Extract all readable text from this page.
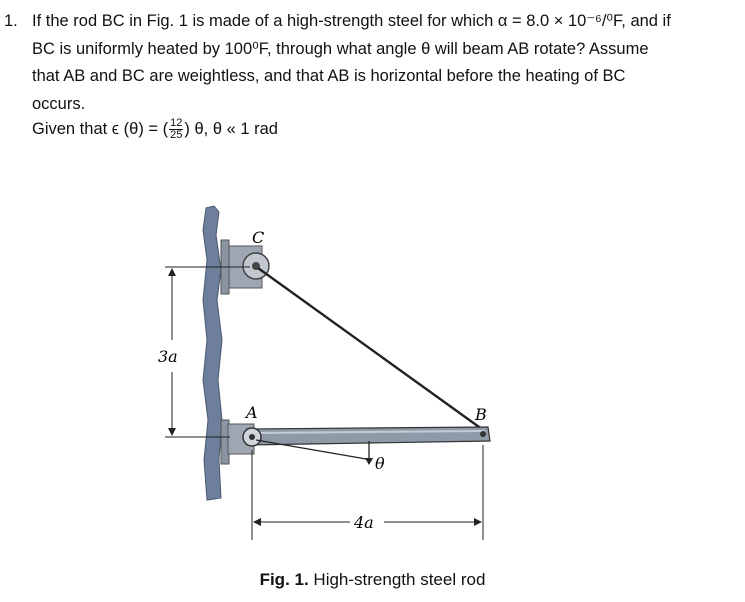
1. If the rod BC in Fig. 1 is made of a high-strength steel for which α = 8.0 × 10⁻⁶/⁰F, and if

BC is uniformly heated by 100⁰F, through what angle θ will beam AB rotate? Assume

that AB and BC are weightless, and that AB is horizontal before the heating of BC

occurs.

Given that ϵ (θ) = ( $\frac{12}{25}$ ) θ, θ « 1 rad
C
A	B
3a
4a
θ
Fig. 1. High-strength steel rod
